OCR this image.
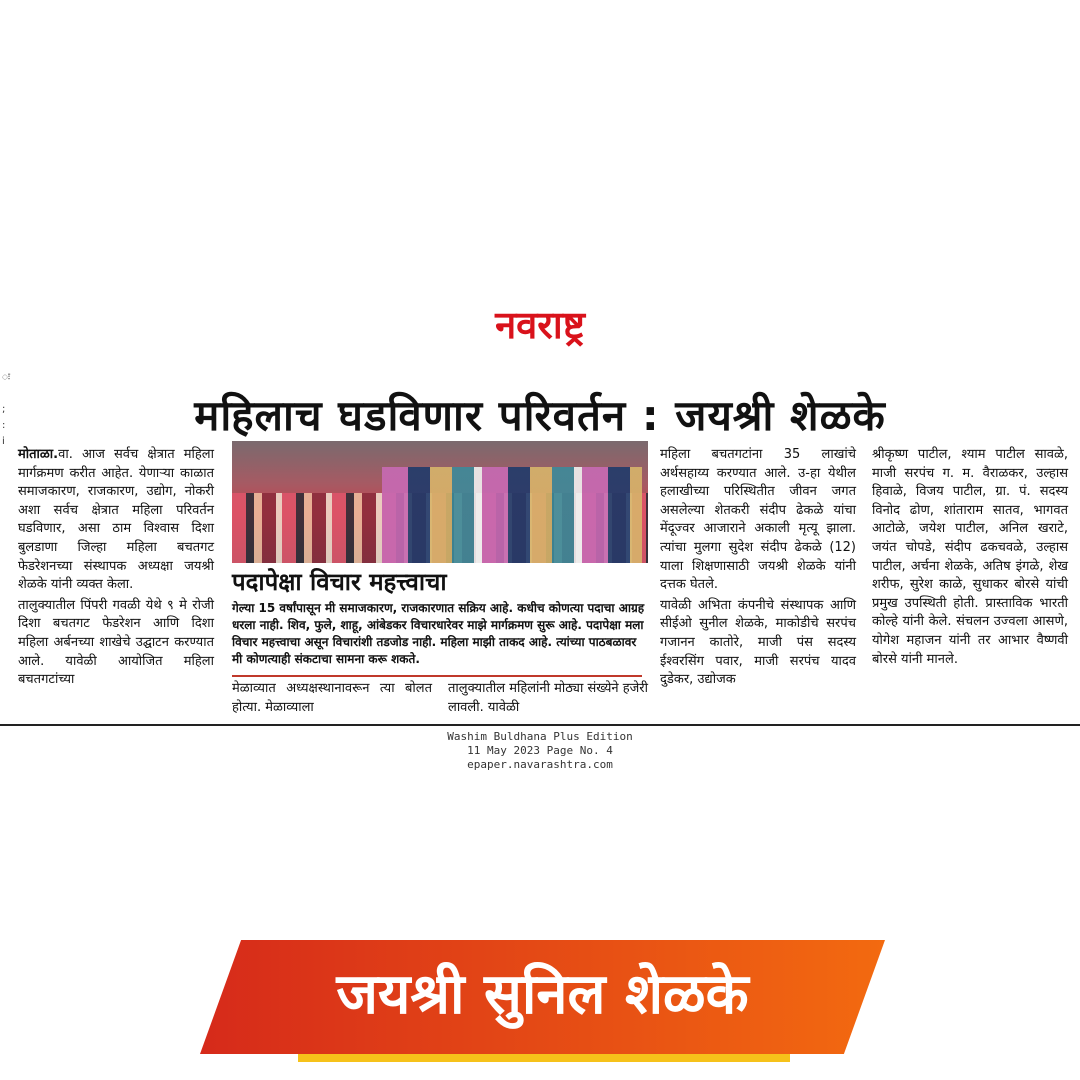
नवराष्ट्र
ः

;
:
i
महिलाच घडविणार परिवर्तन : जयश्री शेळके

मोताळा.वा. आज सर्वच क्षेत्रात महिला मार्गक्रमण करीत आहेत. येणाऱ्या काळात समाजकारण, राजकारण, उद्योग, नोकरी अशा सर्वच क्षेत्रात महिला परिवर्तन घडविणार, असा ठाम विश्वास दिशा बुलडाणा जिल्हा महिला बचतगट फेडरेशनच्या संस्थापक अध्यक्षा जयश्री शेळके यांनी व्यक्त केला.

तालुक्यातील पिंपरी गवळी येथे ९ मे रोजी दिशा बचतगट फेडरेशन आणि दिशा महिला अर्बनच्या शाखेचे उद्घाटन करण्यात आले. यावेळी आयोजित महिला बचतगटांच्या

पदापेक्षा विचार महत्त्वाचा
गेल्या 15 वर्षांपासून मी समाजकारण, राजकारणात सक्रिय आहे. कधीच कोणत्या पदाचा आग्रह धरला नाही. शिव, फुले, शाहू, आंबेडकर विचारधारेवर माझे मार्गक्रमण सुरू आहे. पदापेक्षा मला विचार महत्त्वाचा असून विचारांशी तडजोड नाही. महिला माझी ताकद आहे. त्यांच्या पाठबळावर मी कोणत्याही संकटाचा सामना करू शकते.
मेळाव्यात अध्यक्षस्थानावरून त्या बोलत होत्या. मेळाव्याला
तालुक्यातील महिलांनी मोठ्या संख्येने हजेरी लावली. यावेळी

महिला बचतगटांना 35 लाखांचे अर्थसहाय्य करण्यात आले. उ-हा येथील हलाखीच्या परिस्थितीत जीवन जगत असलेल्या शेतकरी संदीप ढेकळे यांचा मेंदूज्वर आजाराने अकाली मृत्यू झाला. त्यांचा मुलगा सुदेश संदीप ढेकळे (12) याला शिक्षणासाठी जयश्री शेळके यांनी दत्तक घेतले.

यावेळी अभिता कंपनीचे संस्थापक आणि सीईओ सुनील शेळके, माकोडीचे सरपंच गजानन कातोरे, माजी पंस सदस्य ईश्वरसिंग पवार, माजी सरपंच यादव दुडेकर, उद्योजक

श्रीकृष्ण पाटील, श्याम पाटील सावळे, माजी सरपंच ग. म. वैराळकर, उल्हास हिवाळे, विजय पाटील, ग्रा. पं. सदस्य विनोद ढोण, शांताराम सातव, भागवत आटोळे, जयेश पाटील, अनिल खराटे, जयंत चोपडे, संदीप ढकचवळे, उल्हास पाटील, अर्चना शेळके, अतिष इंगळे, शेख शरीफ, सुरेश काळे, सुधाकर बोरसे यांची प्रमुख उपस्थिती होती. प्रास्ताविक भारती कोल्हे यांनी केले. संचलन उज्वला आसणे, योगेश महाजन यांनी तर आभार वैष्णवी बोरसे यांनी मानले.

Washim Buldhana Plus Edition
11 May 2023 Page No. 4
epaper.navarashtra.com
जयश्री सुनिल शेळके
